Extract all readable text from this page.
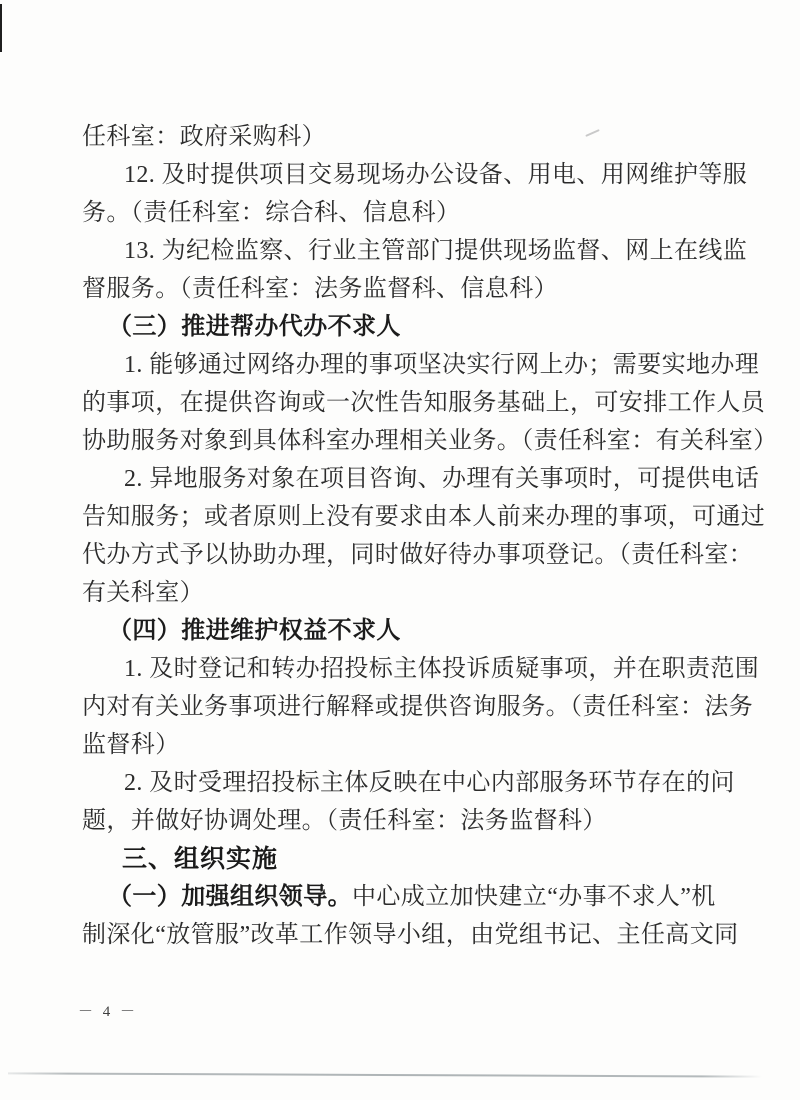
任科室：政府采购科）
12. 及时提供项目交易现场办公设备、用电、用网维护等服
务。（责任科室：综合科、信息科）
13. 为纪检监察、行业主管部门提供现场监督、网上在线监
督服务。（责任科室：法务监督科、信息科）
（三）推进帮办代办不求人
1. 能够通过网络办理的事项坚决实行网上办；需要实地办理
的事项，在提供咨询或一次性告知服务基础上，可安排工作人员
协助服务对象到具体科室办理相关业务。（责任科室：有关科室）
2. 异地服务对象在项目咨询、办理有关事项时，可提供电话
告知服务；或者原则上没有要求由本人前来办理的事项，可通过
代办方式予以协助办理，同时做好待办事项登记。（责任科室：
有关科室）
（四）推进维护权益不求人
1. 及时登记和转办招投标主体投诉质疑事项，并在职责范围
内对有关业务事项进行解释或提供咨询服务。（责任科室：法务
监督科）
2. 及时受理招投标主体反映在中心内部服务环节存在的问
题，并做好协调处理。（责任科室：法务监督科）
三、组织实施
（一）加强组织领导。中心成立加快建立“办事不求人”机
制深化“放管服”改革工作领导小组，由党组书记、主任高文同
－ 4 －
